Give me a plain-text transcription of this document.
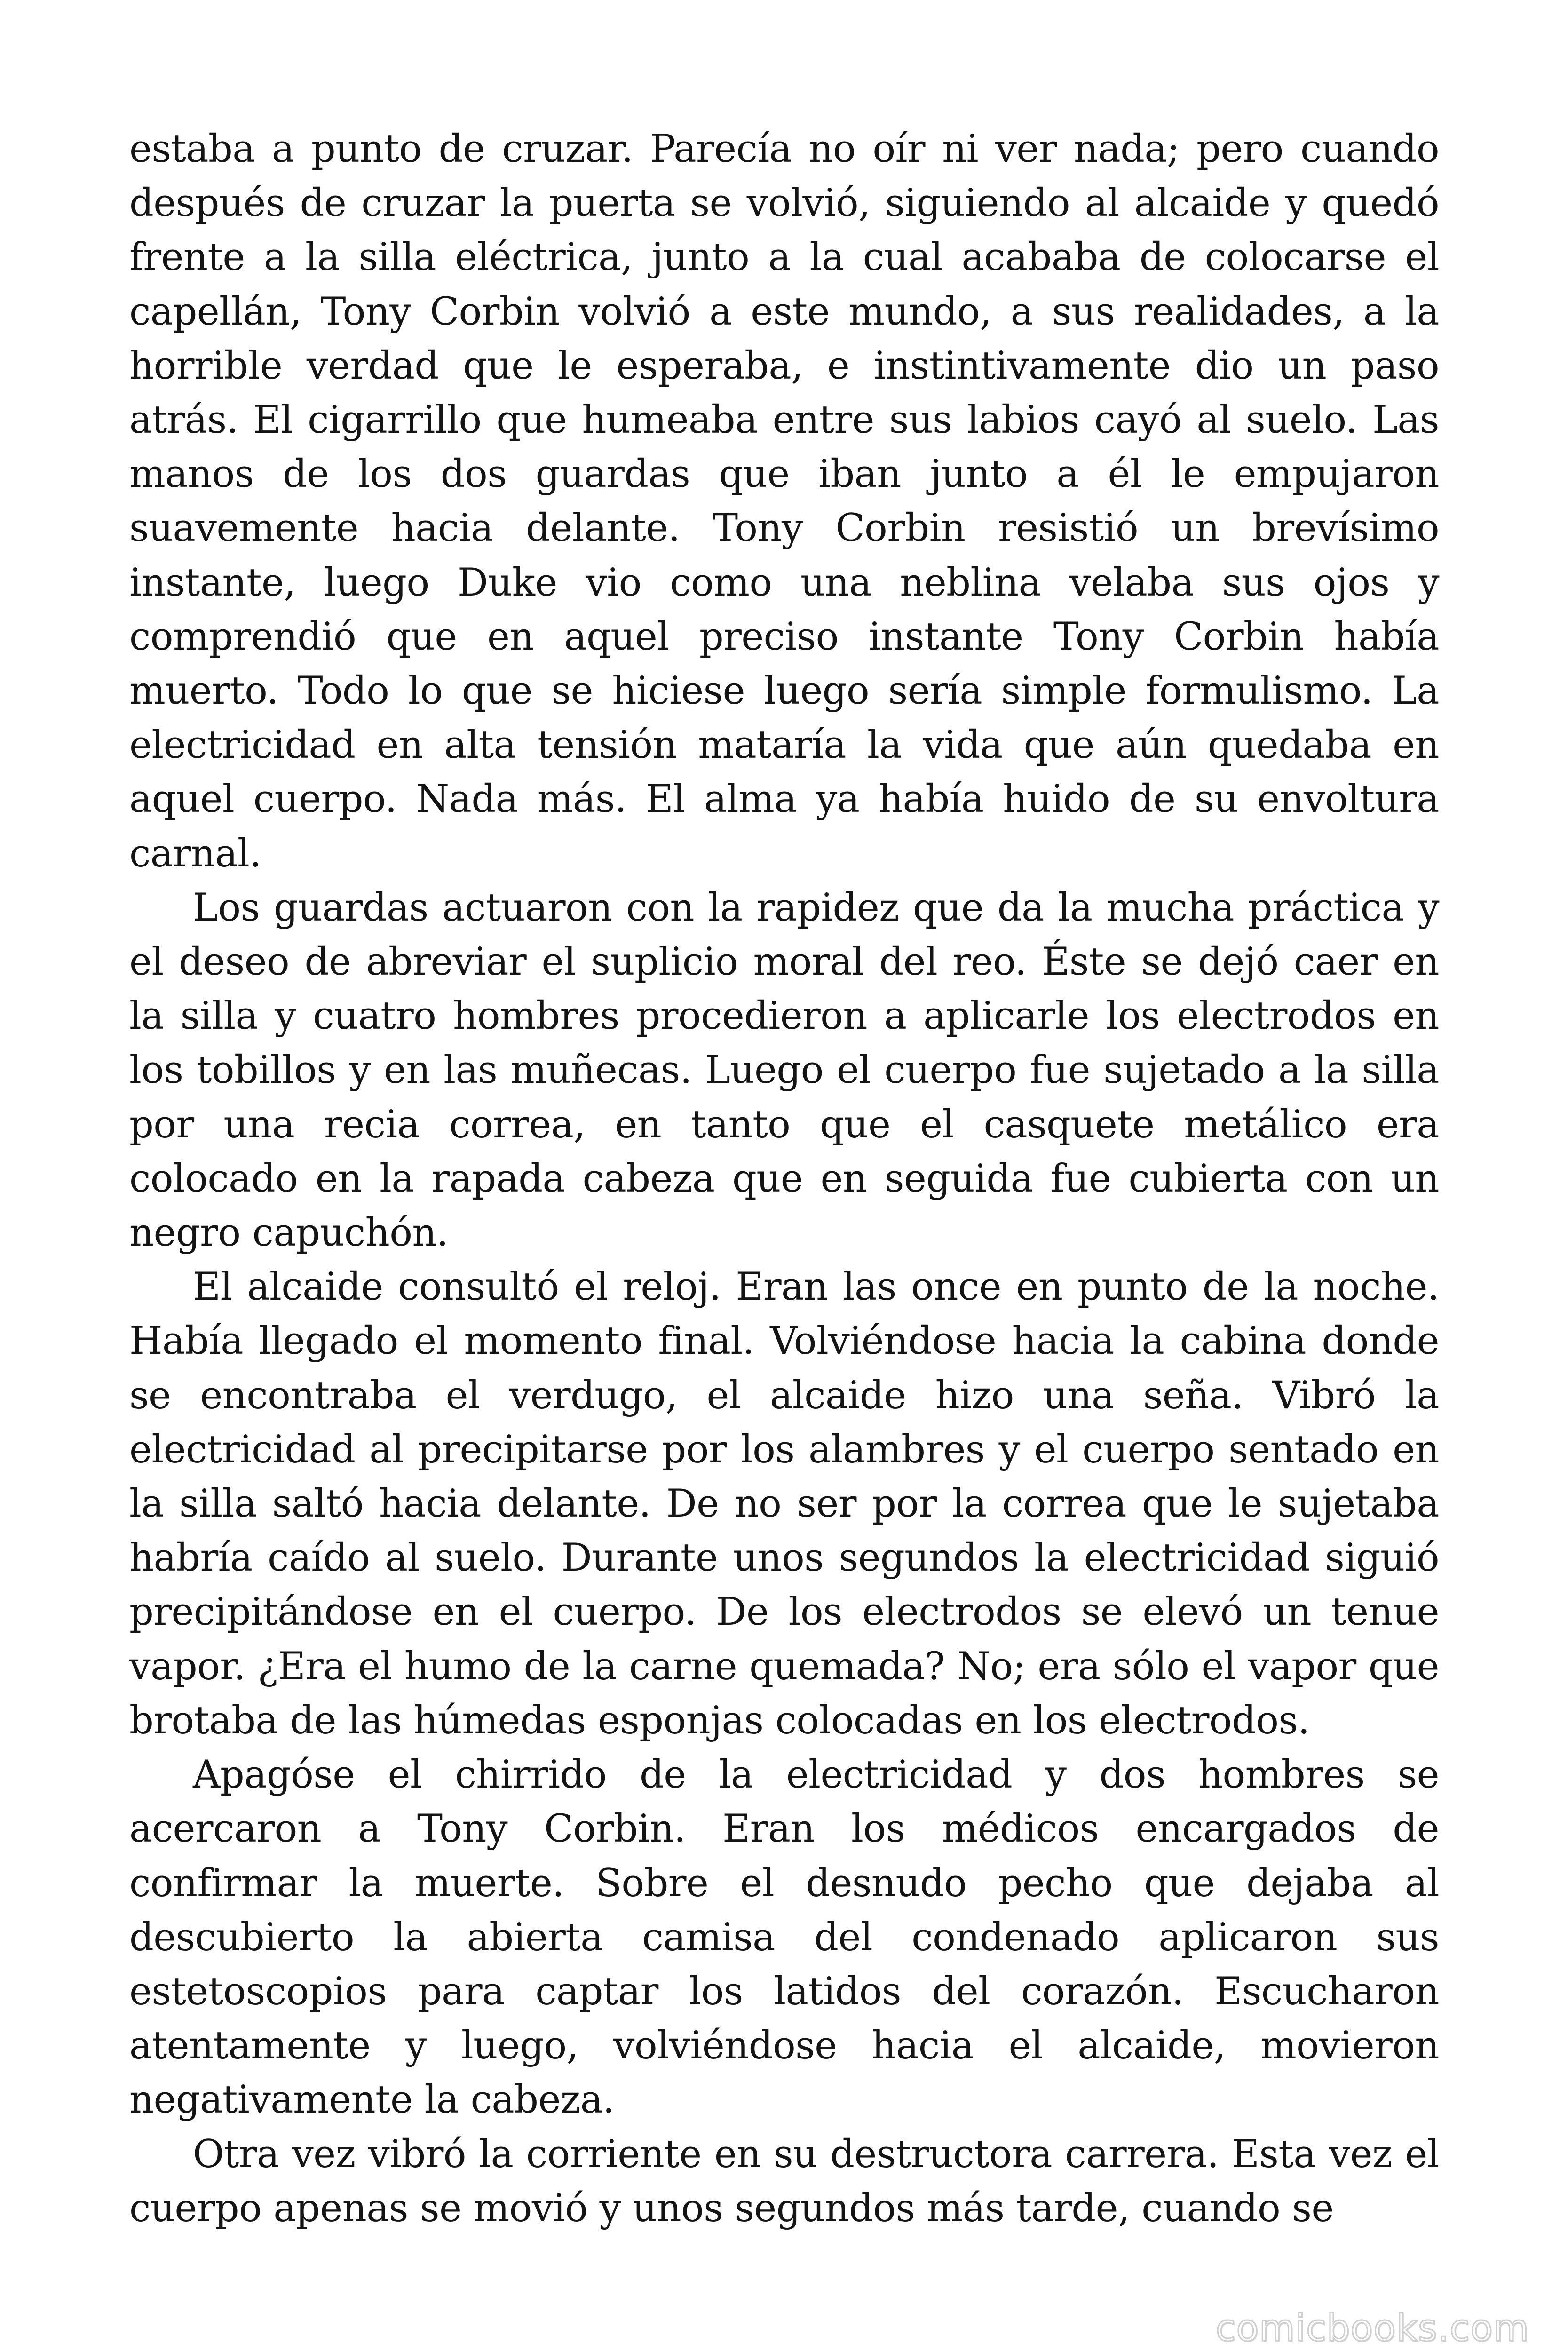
estaba a punto de cruzar. Parecía no oír ni ver nada; pero cuando después de cruzar la puerta se volvió, siguiendo al alcaide y quedó frente a la silla eléctrica, junto a la cual acababa de colocarse el capellán, Tony Corbin volvió a este mundo, a sus realidades, a la horrible verdad que le esperaba, e instintivamente dio un paso atrás. El cigarrillo que humeaba entre sus labios cayó al suelo. Las manos de los dos guardas que iban junto a él le empujaron suavemente hacia delante. Tony Corbin resistió un brevísimo instante, luego Duke vio como una neblina velaba sus ojos y comprendió que en aquel preciso instante Tony Corbin había muerto. Todo lo que se hiciese luego sería simple formulismo. La electricidad en alta tensión mataría la vida que aún quedaba en aquel cuerpo. Nada más. El alma ya había huido de su envoltura carnal.

Los guardas actuaron con la rapidez que da la mucha práctica y el deseo de abreviar el suplicio moral del reo. Éste se dejó caer en la silla y cuatro hombres procedieron a aplicarle los electrodos en los tobillos y en las muñecas. Luego el cuerpo fue sujetado a la silla por una recia correa, en tanto que el casquete metálico era colocado en la rapada cabeza que en seguida fue cubierta con un negro capuchón.

El alcaide consultó el reloj. Eran las once en punto de la noche. Había llegado el momento final. Volviéndose hacia la cabina donde se encontraba el verdugo, el alcaide hizo una seña. Vibró la electricidad al precipitarse por los alambres y el cuerpo sentado en la silla saltó hacia delante. De no ser por la correa que le sujetaba habría caído al suelo. Durante unos segundos la electricidad siguió precipitándose en el cuerpo. De los electrodos se elevó un tenue vapor. ¿Era el humo de la carne quemada? No; era sólo el vapor que brotaba de las húmedas esponjas colocadas en los electrodos.

Apagóse el chirrido de la electricidad y dos hombres se acercaron a Tony Corbin. Eran los médicos encargados de confirmar la muerte. Sobre el desnudo pecho que dejaba al descubierto la abierta camisa del condenado aplicaron sus estetoscopios para captar los latidos del corazón. Escucharon atentamente y luego, volviéndose hacia el alcaide, movieron negativamente la cabeza.

Otra vez vibró la corriente en su destructora carrera. Esta vez el cuerpo apenas se movió y unos segundos más tarde, cuando se

comicbooks.com
